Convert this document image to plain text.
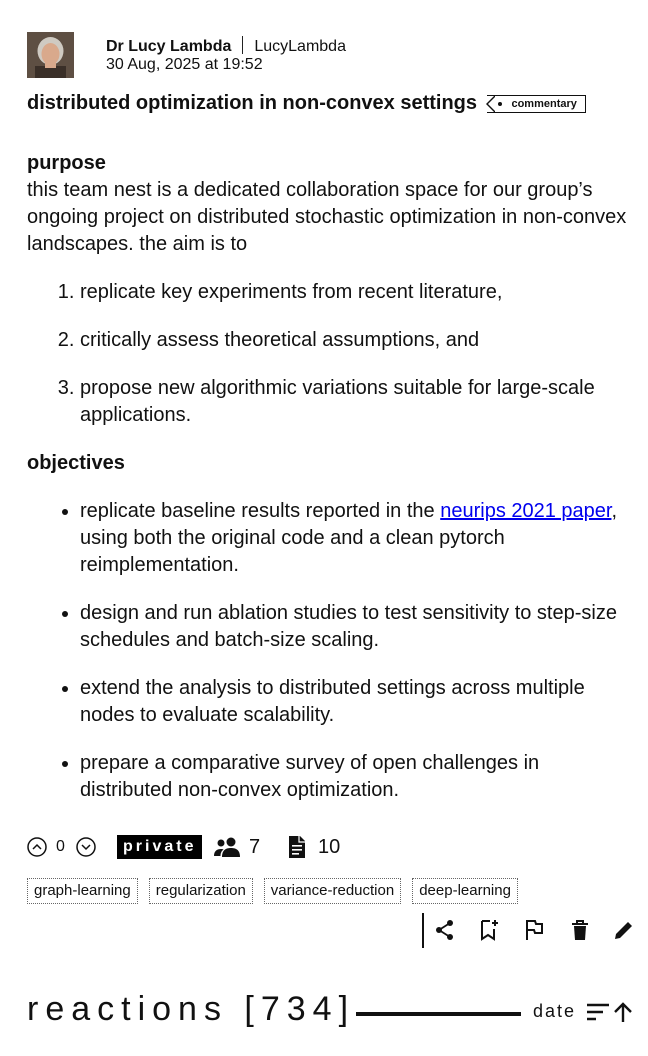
Dr Lucy Lambda LucyLambda
30 Aug, 2025 at 19:52
distributed optimization in non-convex settings	commentary
purpose

this team nest is a dedicated collaboration space for our group’s ongoing project on distributed stochastic optimization in non-convex landscapes. the aim is to

1. replicate key experiments from recent literature,
2. critically assess theoretical assumptions, and
3. propose new algorithmic variations suitable for large-scale applications.
objectives
• replicate baseline results reported in the neurips 2021 paper, using both the original code and a clean pytorch reimplementation.
• design and run ablation studies to test sensitivity to step-size schedules and batch-size scaling.
• extend the analysis to distributed settings across multiple nodes to evaluate scalability.
• prepare a comparative survey of open challenges in distributed non-convex optimization.
0	private	7	10
graph-learning regularization variance-reduction deep-learning
reactions [734]	date
